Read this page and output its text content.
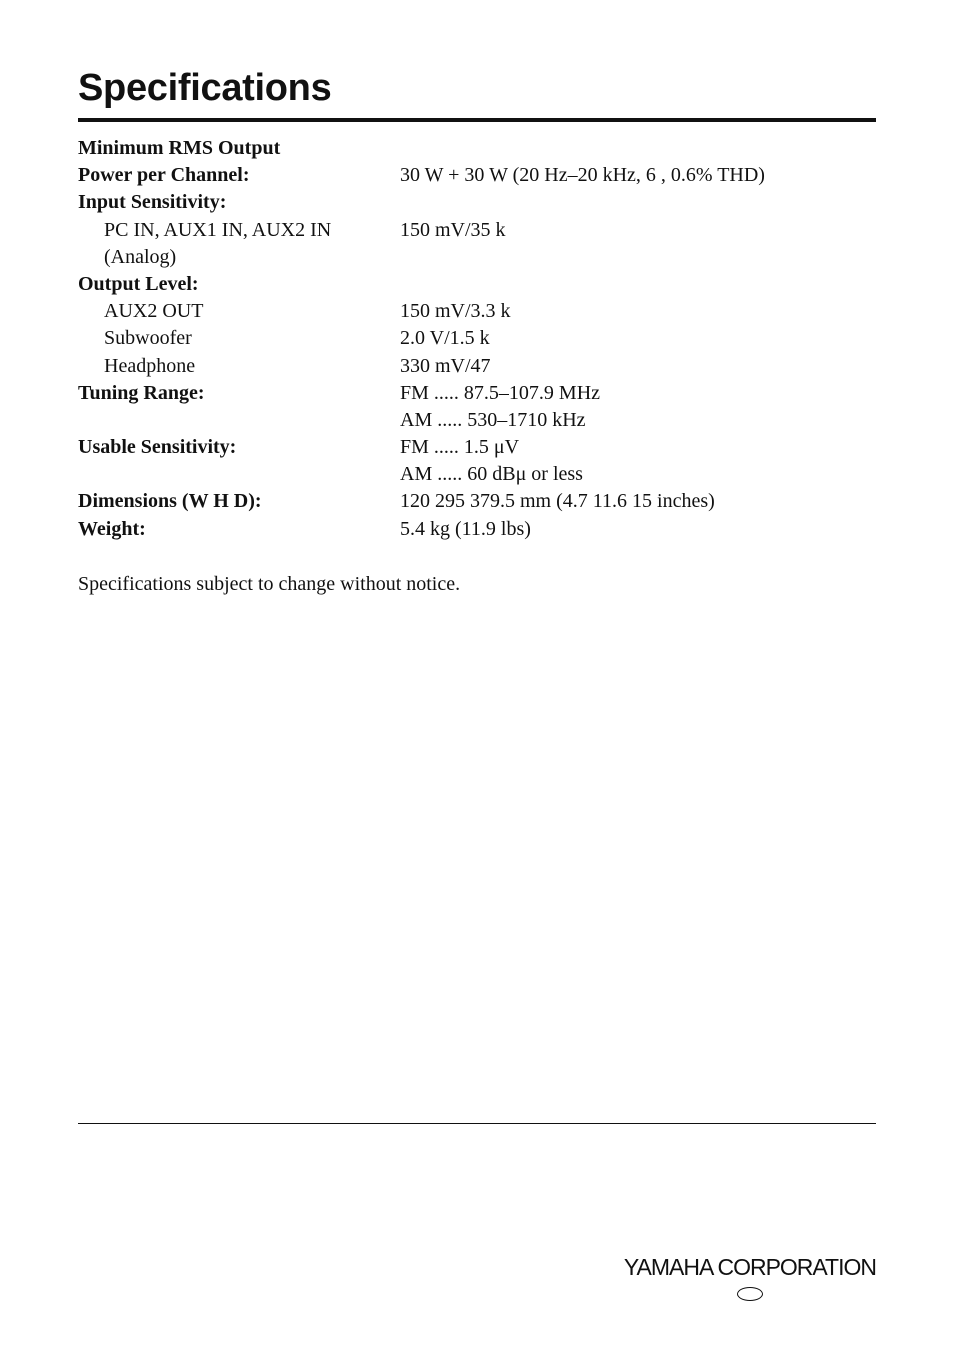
Specifications
Minimum RMS Output
Power per Channel:	30 W + 30 W (20 Hz–20 kHz, 6 , 0.6% THD)
Input Sensitivity:
PC IN, AUX1 IN, AUX2 IN	150 mV/35 k
(Analog)
Output Level:
AUX2 OUT	150 mV/3.3 k
Subwoofer	2.0 V/1.5 k
Headphone	330 mV/47
Tuning Range:	FM ..... 87.5–107.9 MHz
AM ..... 530–1710 kHz
Usable Sensitivity:	FM ..... 1.5 μV
AM ..... 60 dBμ or less
Dimensions (W H D):	120 295 379.5 mm (4.7 11.6 15 inches)
Weight:	5.4 kg (11.9 lbs)

Specifications subject to change without notice.

YAMAHA CORPORATION
